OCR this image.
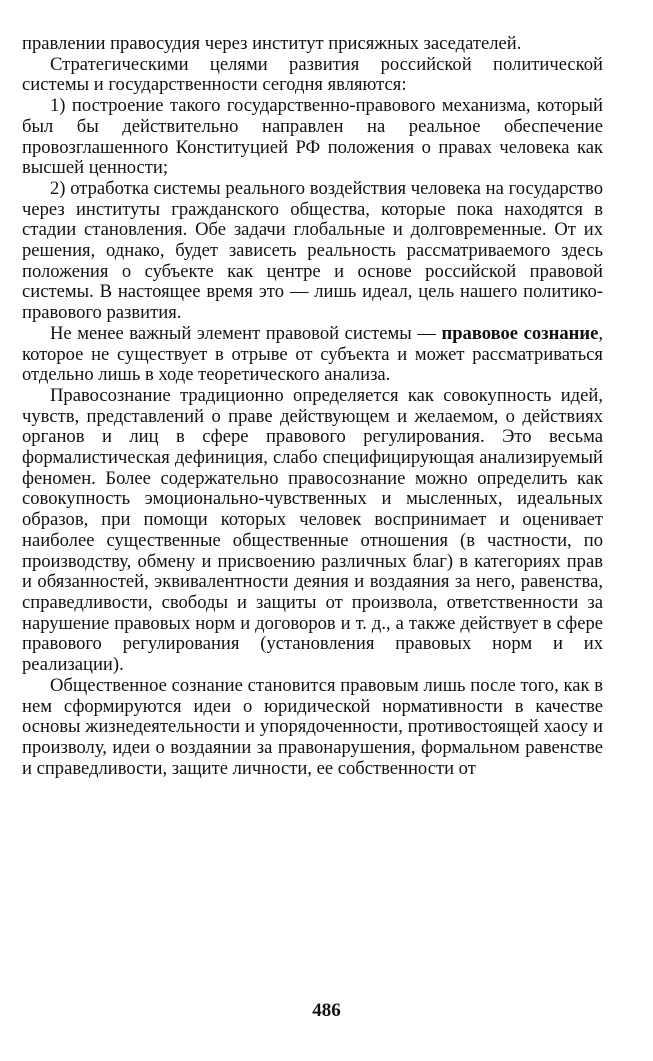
правлении правосудия через институт присяжных заседателей.

Стратегическими целями развития российской политической системы и государственности сегодня являются:

1) построение такого государственно-правового механизма, который был бы действительно направлен на реальное обеспечение провозглашенного Конституцией РФ положения о правах человека как высшей ценности;

2) отработка системы реального воздействия человека на государство через институты гражданского общества, которые пока находятся в стадии становления. Обе задачи глобальные и долговременные. От их решения, однако, будет зависеть реальность рассматриваемого здесь положения о субъекте как центре и основе российской правовой системы. В настоящее время это — лишь идеал, цель нашего политико-правового развития.

Не менее важный элемент правовой системы — правовое сознание, которое не существует в отрыве от субъекта и может рассматриваться отдельно лишь в ходе теоретического анализа.

Правосознание традиционно определяется как совокупность идей, чувств, представлений о праве действующем и желаемом, о действиях органов и лиц в сфере правового регулирования. Это весьма формалистическая дефиниция, слабо специфицирующая анализируемый феномен. Более содержательно правосознание можно определить как совокупность эмоционально-чувственных и мысленных, идеальных образов, при помощи которых человек воспринимает и оценивает наиболее существенные общественные отношения (в частности, по производству, обмену и присвоению различных благ) в категориях прав и обязанностей, эквивалентности деяния и воздаяния за него, равенства, справедливости, свободы и защиты от произвола, ответственности за нарушение правовых норм и договоров и т. д., а также действует в сфере правового регулирования (установления правовых норм и их реализации).

Общественное сознание становится правовым лишь после того, как в нем сформируются идеи о юридической нормативности в качестве основы жизнедеятельности и упорядоченности, противостоящей хаосу и произволу, идеи о воздаянии за правонарушения, формальном равенстве и справедливости, защите личности, ее собственности от

486
